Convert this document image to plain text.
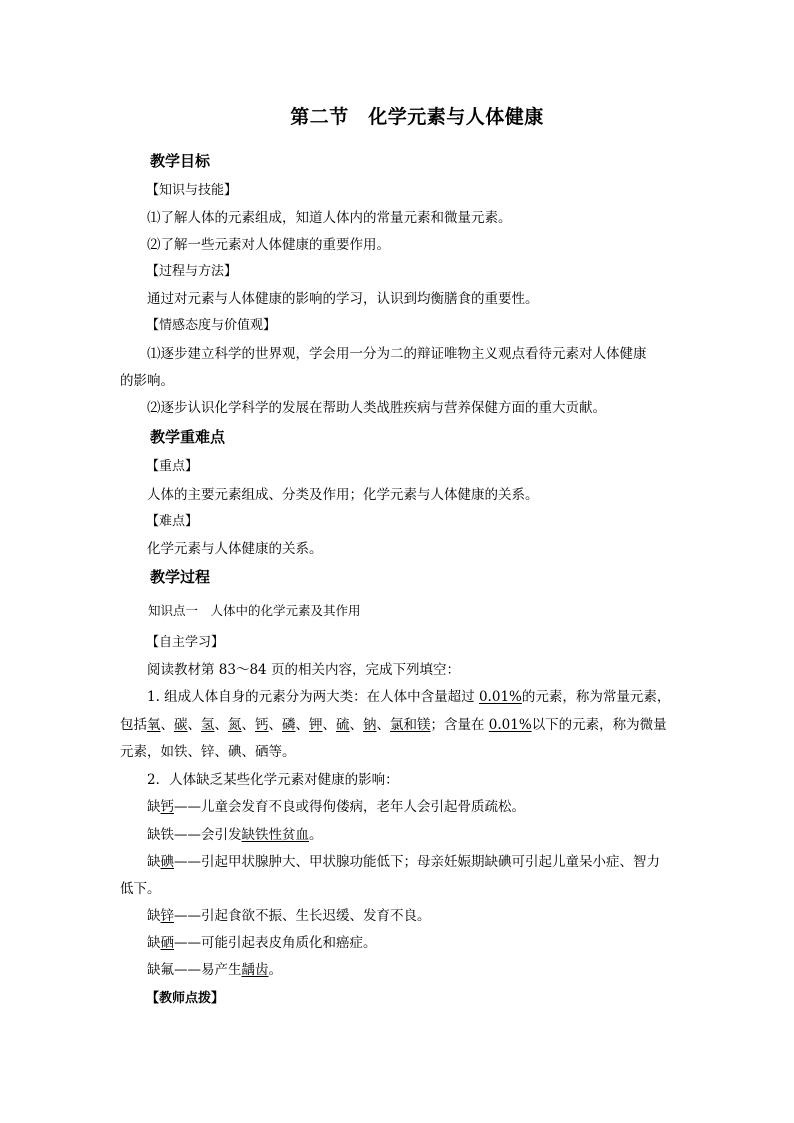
第二节　化学元素与人体健康
教学目标
【知识与技能】
⑴了解人体的元素组成，知道人体内的常量元素和微量元素。
⑵了解一些元素对人体健康的重要作用。
【过程与方法】
通过对元素与人体健康的影响的学习，认识到均衡膳食的重要性。
【情感态度与价值观】
⑴逐步建立科学的世界观，学会用一分为二的辩证唯物主义观点看待元素对人体健康
的影响。
⑵逐步认识化学科学的发展在帮助人类战胜疾病与营养保健方面的重大贡献。
教学重难点
【重点】
人体的主要元素组成、分类及作用；化学元素与人体健康的关系。
【难点】
化学元素与人体健康的关系。
教学过程
知识点一　人体中的化学元素及其作用
【自主学习】
阅读教材第 83～84 页的相关内容，完成下列填空：
1. 组成人体自身的元素分为两大类：在人体中含量超过 0.01%的元素，称为常量元素，
包括氧、碳、氢、氮、钙、磷、钾、硫、钠、氯和镁；含量在 0.01%以下的元素，称为微量
元素，如铁、锌、碘、硒等。
2．人体缺乏某些化学元素对健康的影响：
缺钙——儿童会发育不良或得佝偻病，老年人会引起骨质疏松。
缺铁——会引发缺铁性贫血。
缺碘——引起甲状腺肿大、甲状腺功能低下；母亲妊娠期缺碘可引起儿童呆小症、智力
低下。
缺锌——引起食欲不振、生长迟缓、发育不良。
缺硒——可能引起表皮角质化和癌症。
缺氟——易产生龋齿。
【教师点拨】
